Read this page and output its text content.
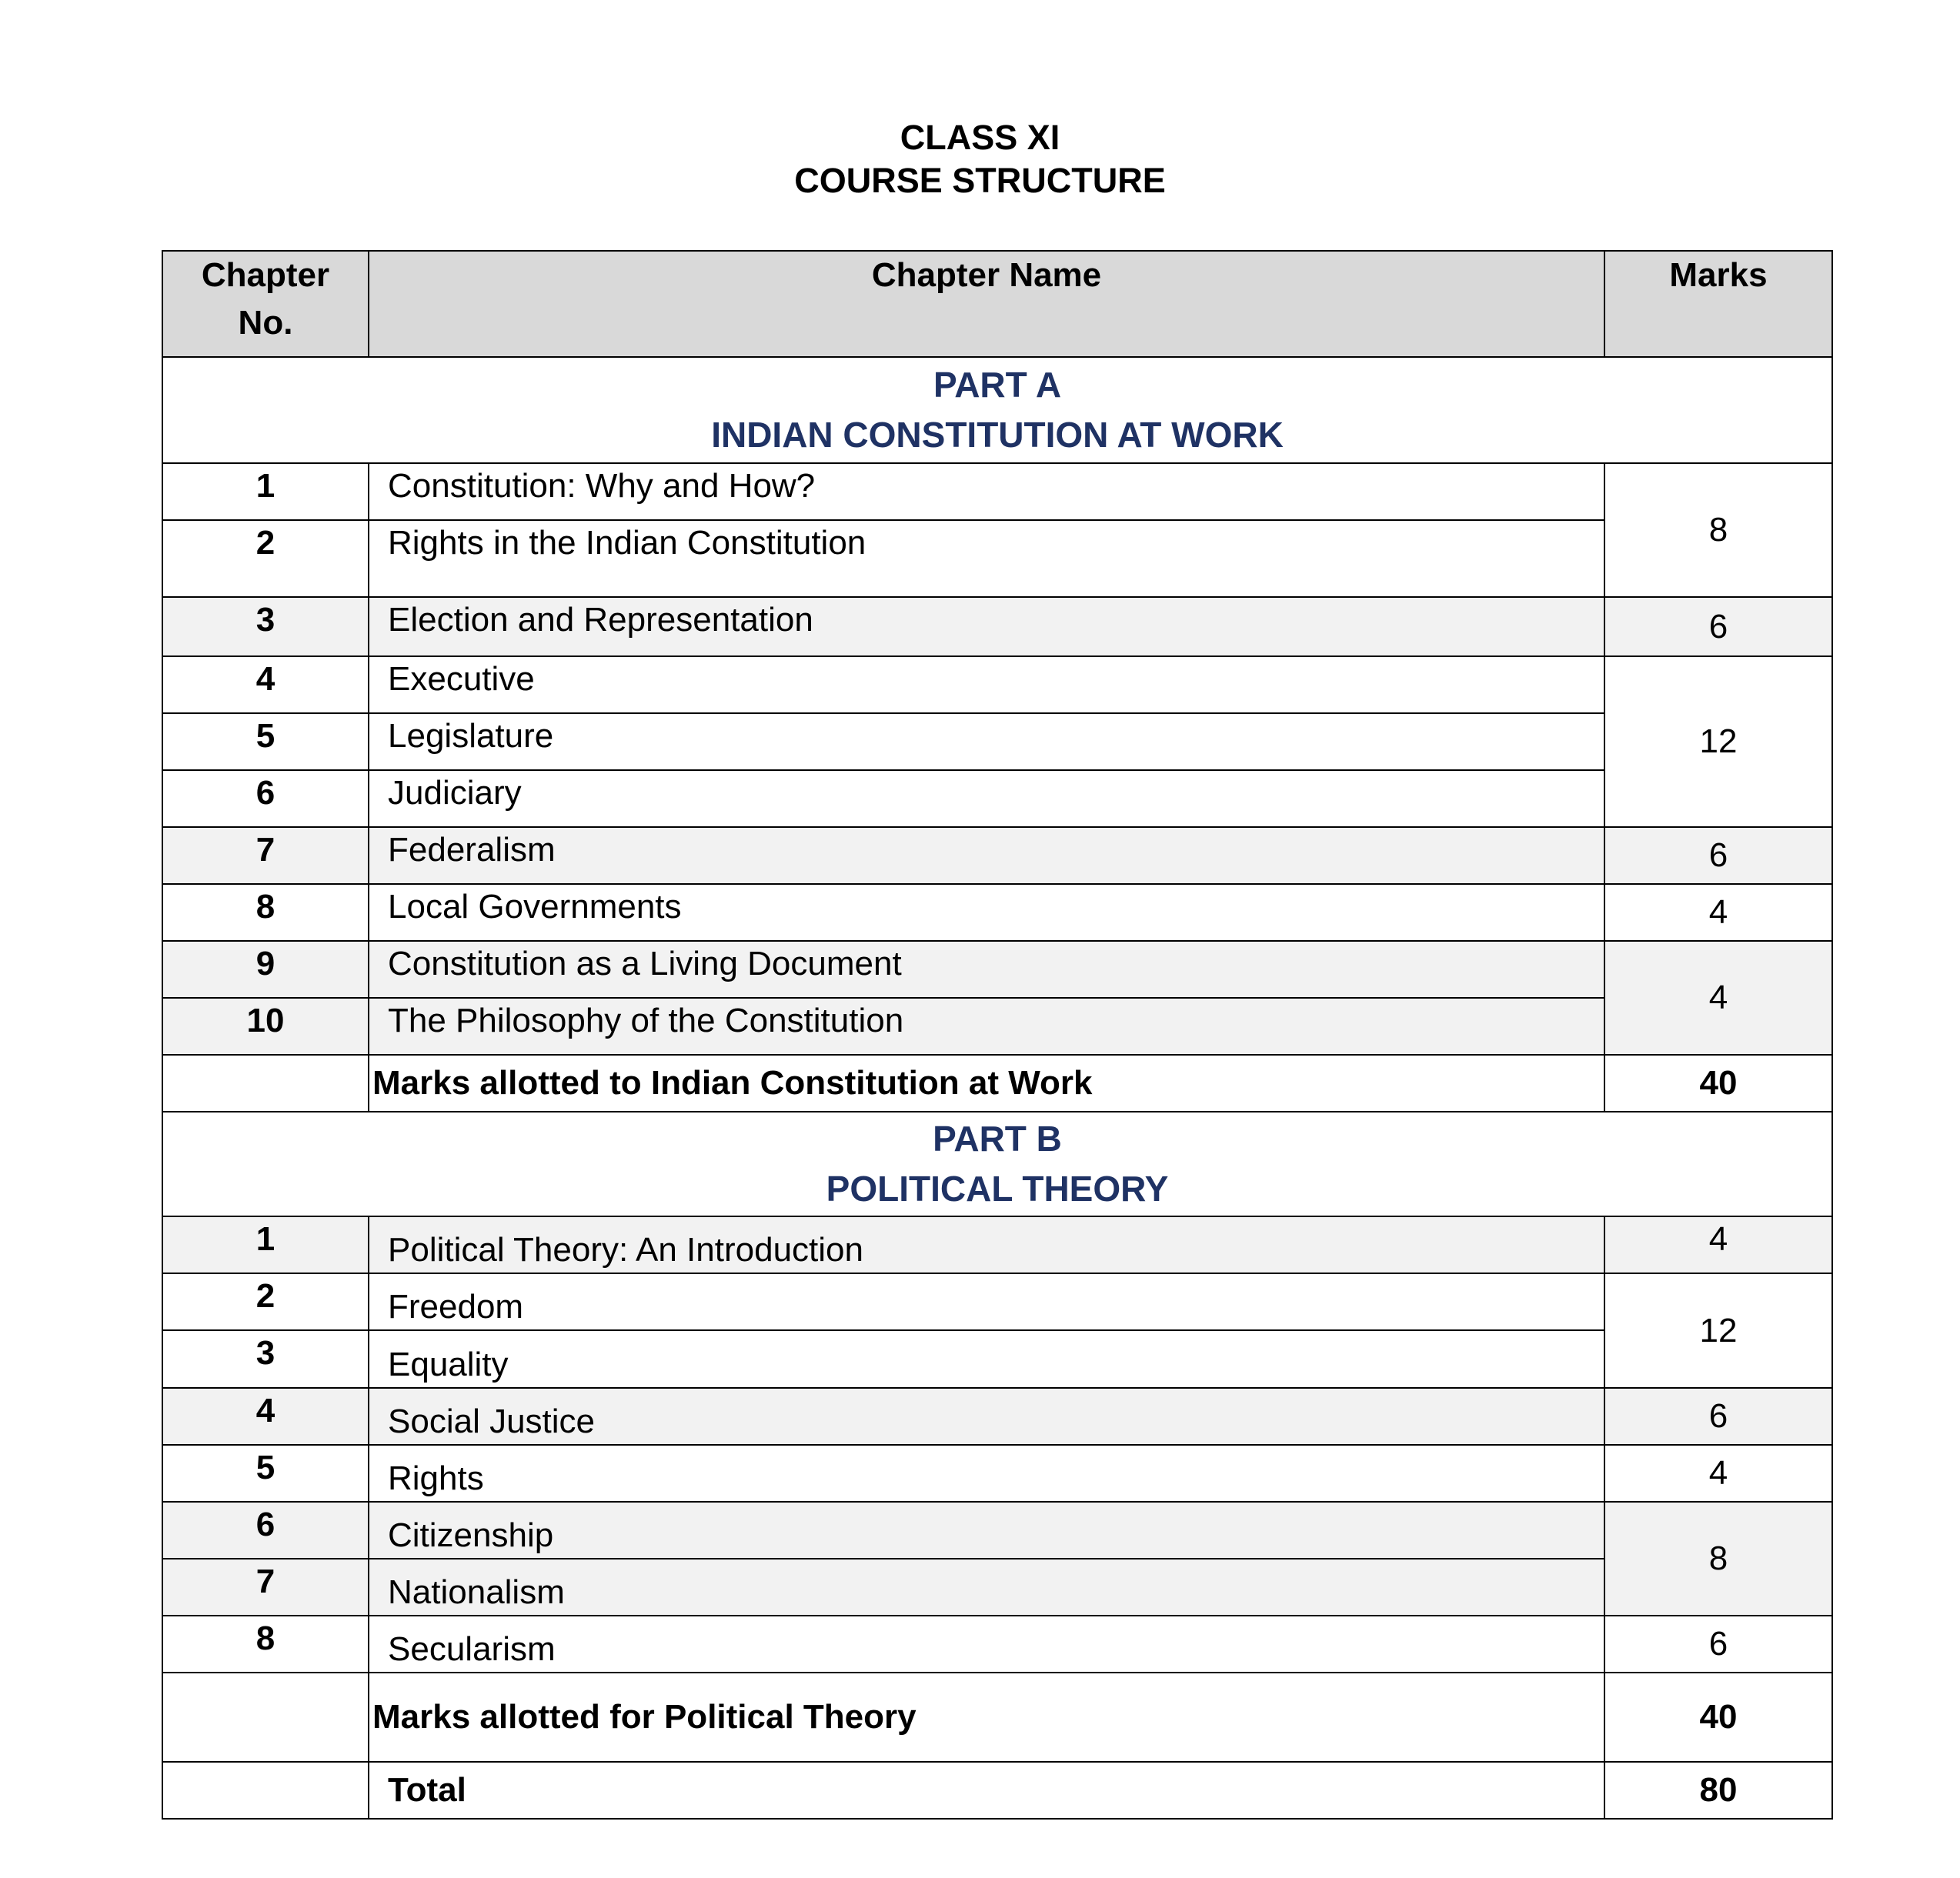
CLASS XI
COURSE STRUCTURE
Chapter No.	Chapter Name	Marks

PART A
INDIAN CONSTITUTION AT WORK		

1	Constitution: Why and How?	8
2	Rights in the Indian Constitution	
3	Election and Representation	6
4	Executive	12
5	Legislature	
6	Judiciary	
7	Federalism	6
8	Local Governments	4
9	Constitution as a Living Document	4
10	The Philosophy of the Constitution	
	Marks allotted to Indian Constitution at Work	40

PART B
POLITICAL THEORY		

1	Political Theory: An Introduction	4
2	Freedom	12
3	Equality	
4	Social Justice	6
5	Rights	4
6	Citizenship	8
7	Nationalism	
8	Secularism	6
	Marks allotted for Political Theory	40
	Total	80
